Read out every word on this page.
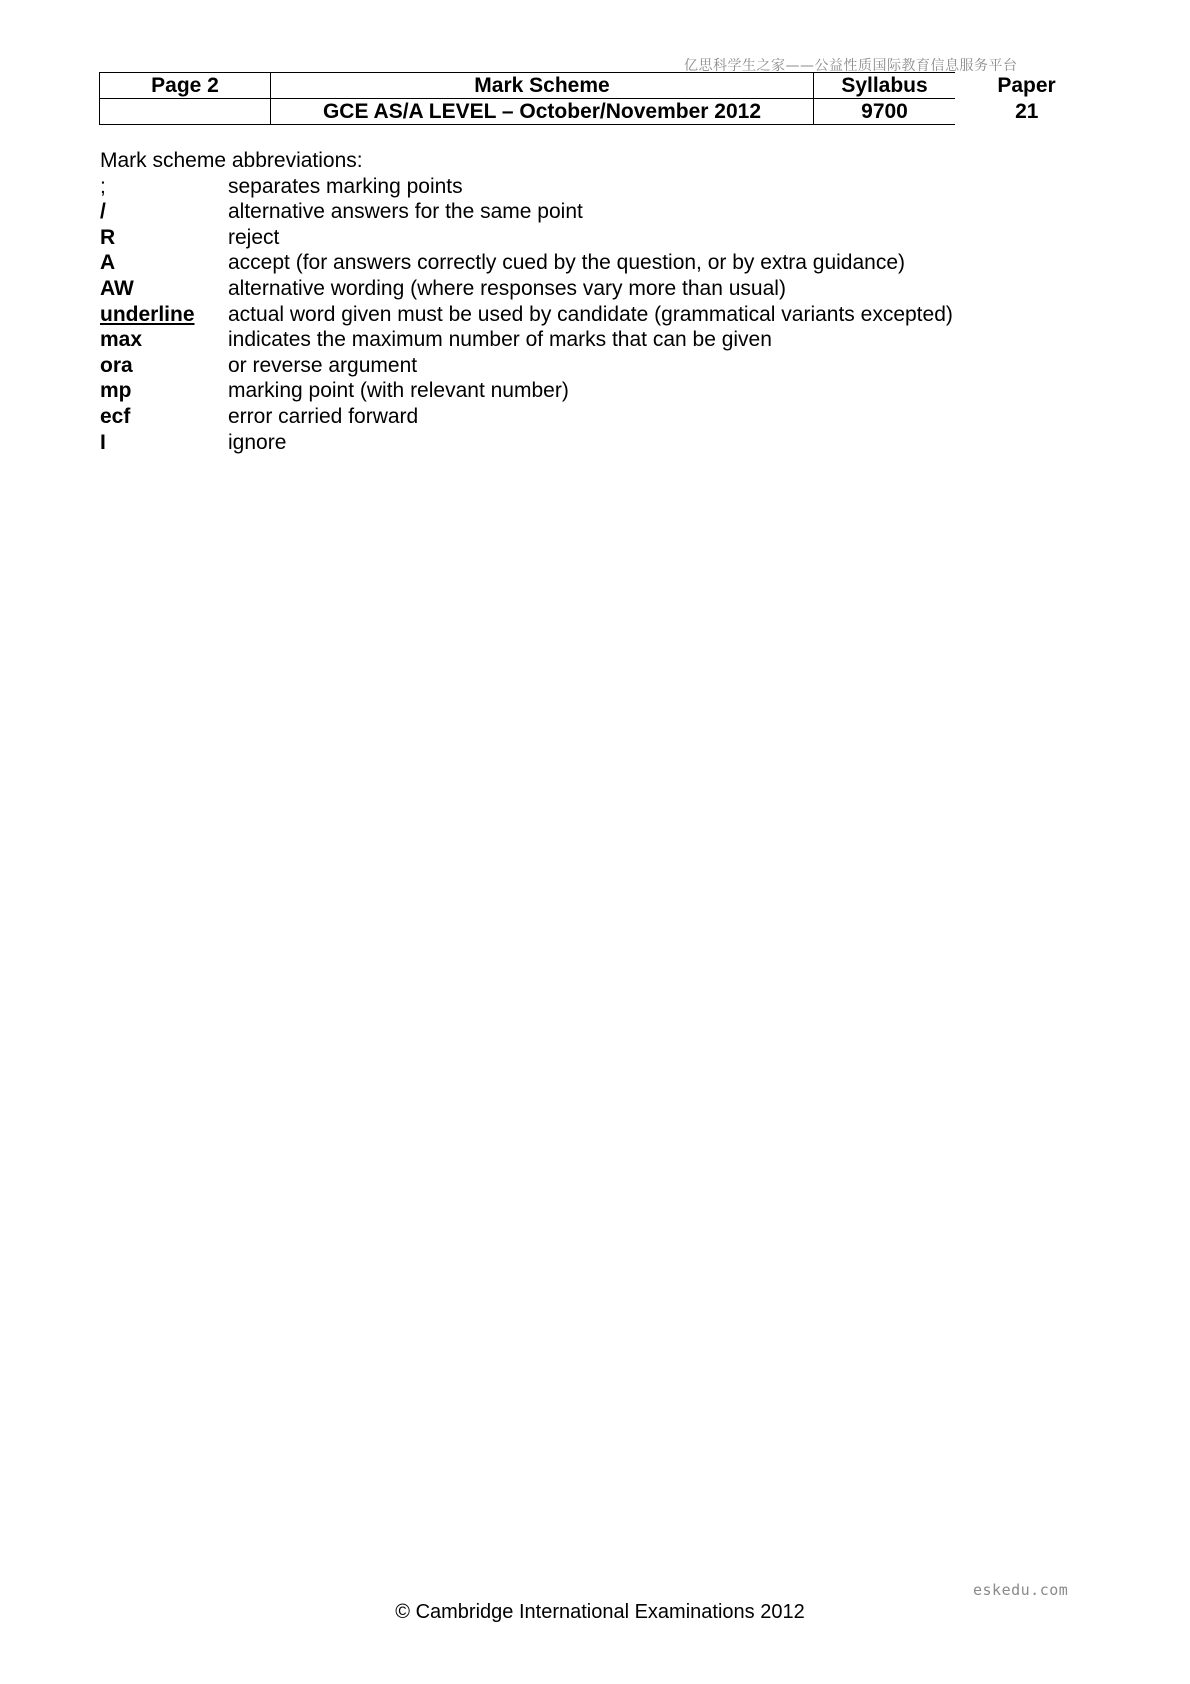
亿思科学生之家——公益性质国际教育信息服务平台
Page 2	Mark Scheme	Syllabus	Paper
	GCE AS/A LEVEL – October/November 2012	9700	21
Mark scheme abbreviations:
;	separates marking points
/	alternative answers for the same point
R	reject
A	accept (for answers correctly cued by the question, or by extra guidance)
AW	alternative wording (where responses vary more than usual)
underline	actual word given must be used by candidate (grammatical variants excepted)
max	indicates the maximum number of marks that can be given
ora	or reverse argument
mp	marking point (with relevant number)
ecf	error carried forward
I	ignore
eskedu.com
© Cambridge International Examinations 2012
